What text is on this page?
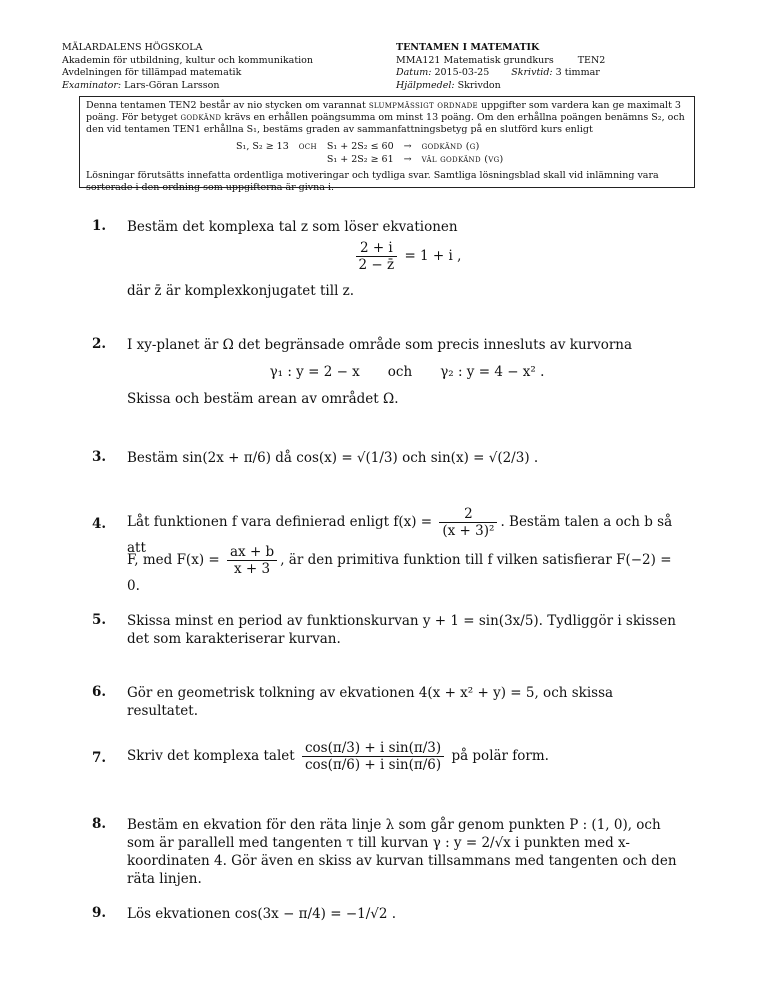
MÄLARDALENS HÖGSKOLA
Akademin för utbildning, kultur och kommunikation
Avdelningen för tillämpad matematik
Examinator: Lars-Göran Larsson
TENTAMEN I MATEMATIK
MMA121 Matematisk grundkurs	TEN2
Datum: 2015-03-25 Skrivtid: 3 timmar
Hjälpmedel: Skrivdon

Denna tentamen TEN2 består av nio stycken om varannat slumpmässigt ordnade uppgifter som vardera kan ge maximalt 3 poäng. För betyget godkänd krävs en erhållen poängsumma om minst 13 poäng. Om den erhållna poängen benämns S₂, och den vid tentamen TEN1 erhållna S₁, bestäms graden av sammanfattningsbetyg på en slutförd kurs enligt

S₁, S₂ ≥ 13	och	S₁ + 2S₂ ≤ 60	→	godkänd (g)
		S₁ + 2S₂ ≥ 61	→	väl godkänd (vg)

Lösningar förutsätts innefatta ordentliga motiveringar och tydliga svar. Samtliga lösningsblad skall vid inlämning vara sorterade i den ordning som uppgifterna är givna i.

1. Bestäm det komplexa tal z som löser ekvationen
$\frac{2 + i}{2 - z̄} = 1 + i$ ,
där z̄ är komplexkonjugatet till z.
2. I xy-planet är Ω det begränsade område som precis innesluts av kurvorna
γ₁ : y = 2 − x och γ₂ : y = 4 − x² .
Skissa och bestäm arean av området Ω.
3. Bestäm sin(2x + π/6) då cos(x) = √(1/3) och sin(x) = √(2/3) .
4. Låt funktionen f vara definierad enligt $f(x) = \frac{2}{\text{(x + 3)²}}$ . Bestäm talen a och b så att
F, med $F(x) = \frac{ax + b}{x + 3}$ , är den primitiva funktion till f vilken satisfierar F(−2) = 0.
5. Skissa minst en period av funktionskurvan y + 1 = sin(3x/5). Tydliggör i skissen det som karakteriserar kurvan.
6. Gör en geometrisk tolkning av ekvationen 4(x + x² + y) = 5, och skissa resultatet.
7. Skriv det komplexa talet $\frac{\text{cos(π/3) + i sin(π/3)}}{\text{cos(π/6) + i sin(π/6)}}$ på polär form.
8. Bestäm en ekvation för den räta linje λ som går genom punkten P : (1, 0), och som är parallell med tangenten τ till kurvan γ : y = 2/√x i punkten med x-koordinaten 4. Gör även en skiss av kurvan tillsammans med tangenten och den räta linjen.
9. Lös ekvationen cos(3x − π/4) = −1/√2 .
